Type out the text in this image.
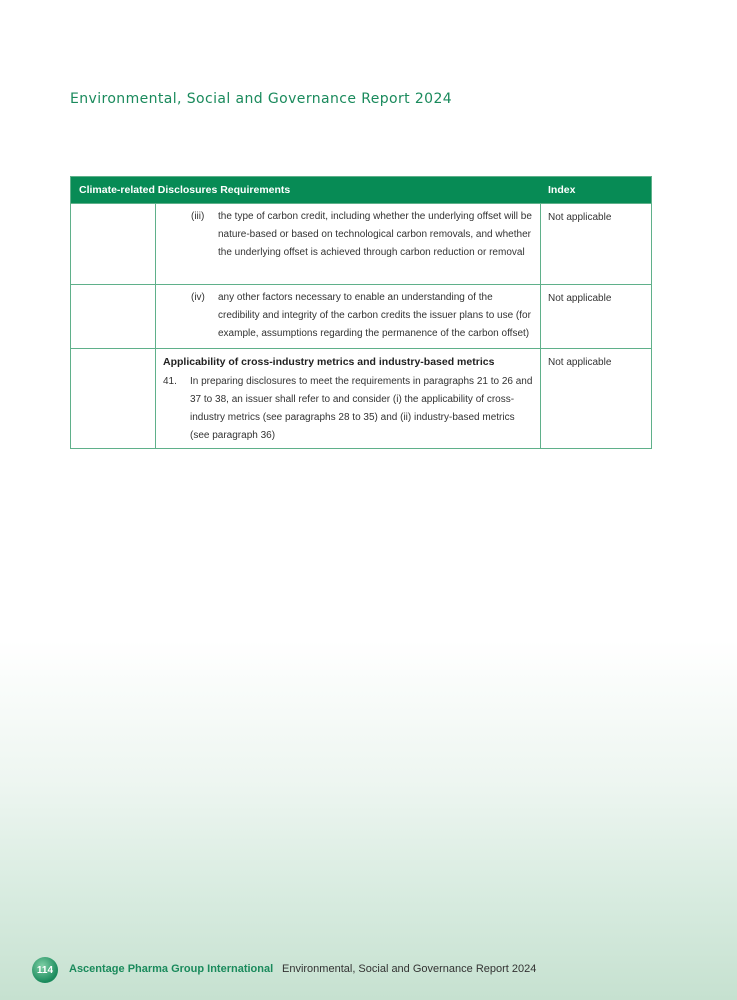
Environmental, Social and Governance Report 2024
Climate-related Disclosures Requirements	Index
(iii) the type of carbon credit, including whether the underlying offset will be nature-based or based on technological carbon removals, and whether the underlying offset is achieved through carbon reduction or removal
Not applicable
(iv) any other factors necessary to enable an understanding of the credibility and integrity of the carbon credits the issuer plans to use (for example, assumptions regarding the permanence of the carbon offset)
Not applicable
Applicability of cross-industry metrics and industry-based metrics
41. In preparing disclosures to meet the requirements in paragraphs 21 to 26 and 37 to 38, an issuer shall refer to and consider (i) the applicability of cross-industry metrics (see paragraphs 28 to 35) and (ii) industry-based metrics (see paragraph 36)
Not applicable
114	Ascentage Pharma Group International Environmental, Social and Governance Report 2024
